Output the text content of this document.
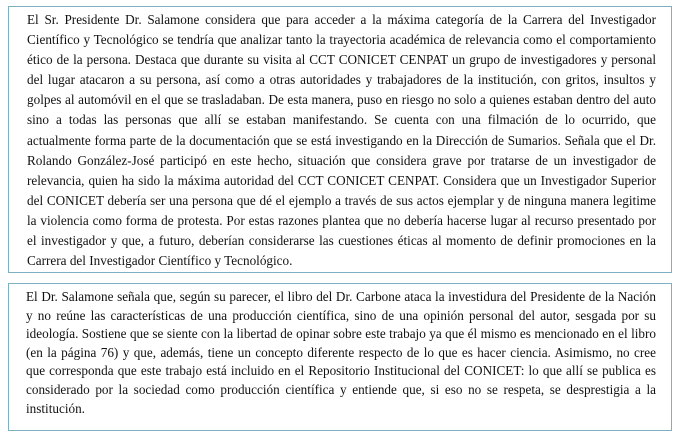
El Sr. Presidente Dr. Salamone considera que para acceder a la máxima categoría de la Carrera del Investigador Científico y Tecnológico se tendría que analizar tanto la trayectoria académica de relevancia como el comportamiento ético de la persona. Destaca que durante su visita al CCT CONICET CENPAT un grupo de investigadores y personal del lugar atacaron a su persona, así como a otras autoridades y trabajadores de la institución, con gritos, insultos y golpes al automóvil en el que se trasladaban. De esta manera, puso en riesgo no solo a quienes estaban dentro del auto sino a todas las personas que allí se estaban manifestando. Se cuenta con una filmación de lo ocurrido, que actualmente forma parte de la documentación que se está investigando en la Dirección de Sumarios. Señala que el Dr. Rolando González-José participó en este hecho, situación que considera grave por tratarse de un investigador de relevancia, quien ha sido la máxima autoridad del CCT CONICET CENPAT. Considera que un Investigador Superior del CONICET debería ser una persona que dé el ejemplo a través de sus actos ejemplar y de ninguna manera legitime la violencia como forma de protesta. Por estas razones plantea que no debería hacerse lugar al recurso presentado por el investigador y que, a futuro, deberían considerarse las cuestiones éticas al momento de definir promociones en la Carrera del Investigador Científico y Tecnológico.

El Dr. Salamone señala que, según su parecer, el libro del Dr. Carbone ataca la investidura del Presidente de la Nación y no reúne las características de una producción científica, sino de una opinión personal del autor, sesgada por su ideología. Sostiene que se siente con la libertad de opinar sobre este trabajo ya que él mismo es mencionado en el libro (en la página 76) y que, además, tiene un concepto diferente respecto de lo que es hacer ciencia. Asimismo, no cree que corresponda que este trabajo está incluido en el Repositorio Institucional del CONICET: lo que allí se publica es considerado por la sociedad como producción científica y entiende que, si eso no se respeta, se desprestigia a la institución.
